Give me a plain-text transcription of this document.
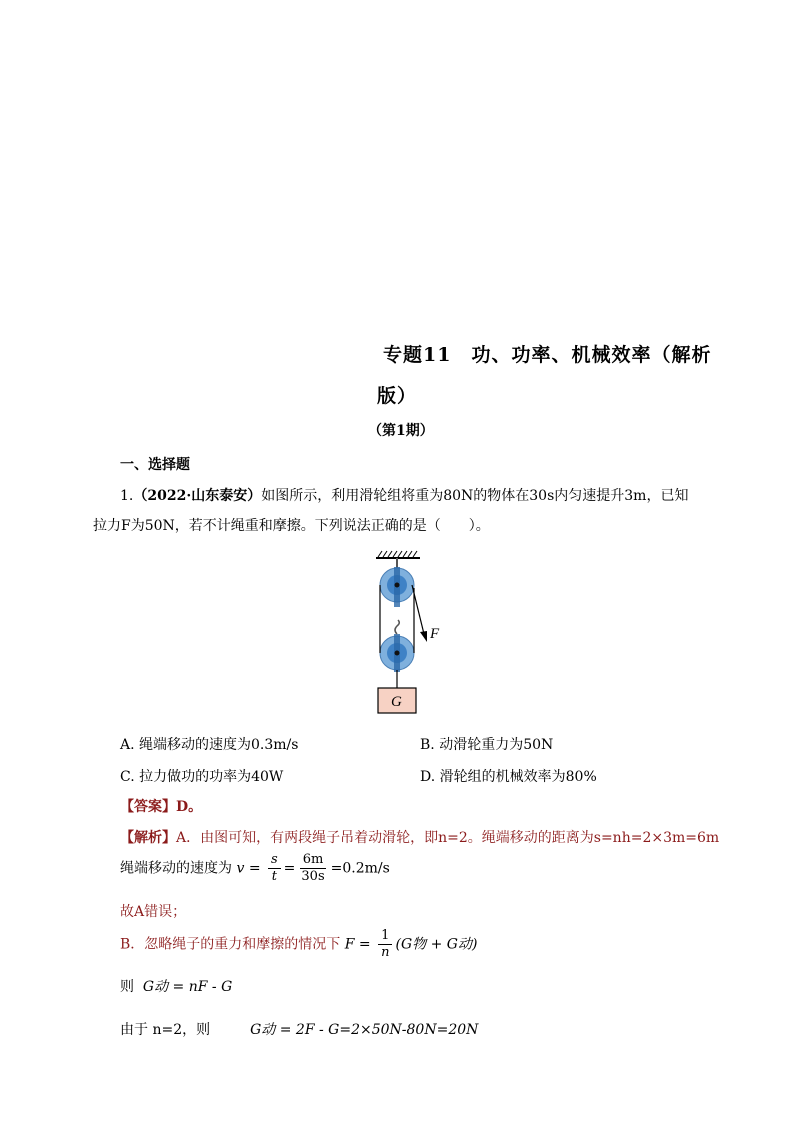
专题11　功、功率、机械效率（解析
版）
（第1期）
一、选择题
1.（2022·山东泰安）如图所示，利用滑轮组将重为80N的物体在30s内匀速提升3m，已知
拉力F为50N，若不计绳重和摩擦。下列说法正确的是（　　）。
F
G
A. 绳端移动的速度为0.3m/s	B. 动滑轮重力为50N
C. 拉力做功的功率为40W	D. 滑轮组的机械效率为80%
【答案】D。
【解析】A．由图可知，有两段绳子吊着动滑轮，即n=2。绳端移动的距离为s=nh=2×3m=6m
绳端移动的速度为 $v = \frac{s}{t} = \frac{6m}{30s} =0.2m/s$
故A错误；
B．忽略绳子的重力和摩擦的情况下 $F = \frac{1}{n} (G$物 + G动)
则 G动 = nF - G
由于 n=2，则	G动 = 2F - G=2×50N-80N=20N
